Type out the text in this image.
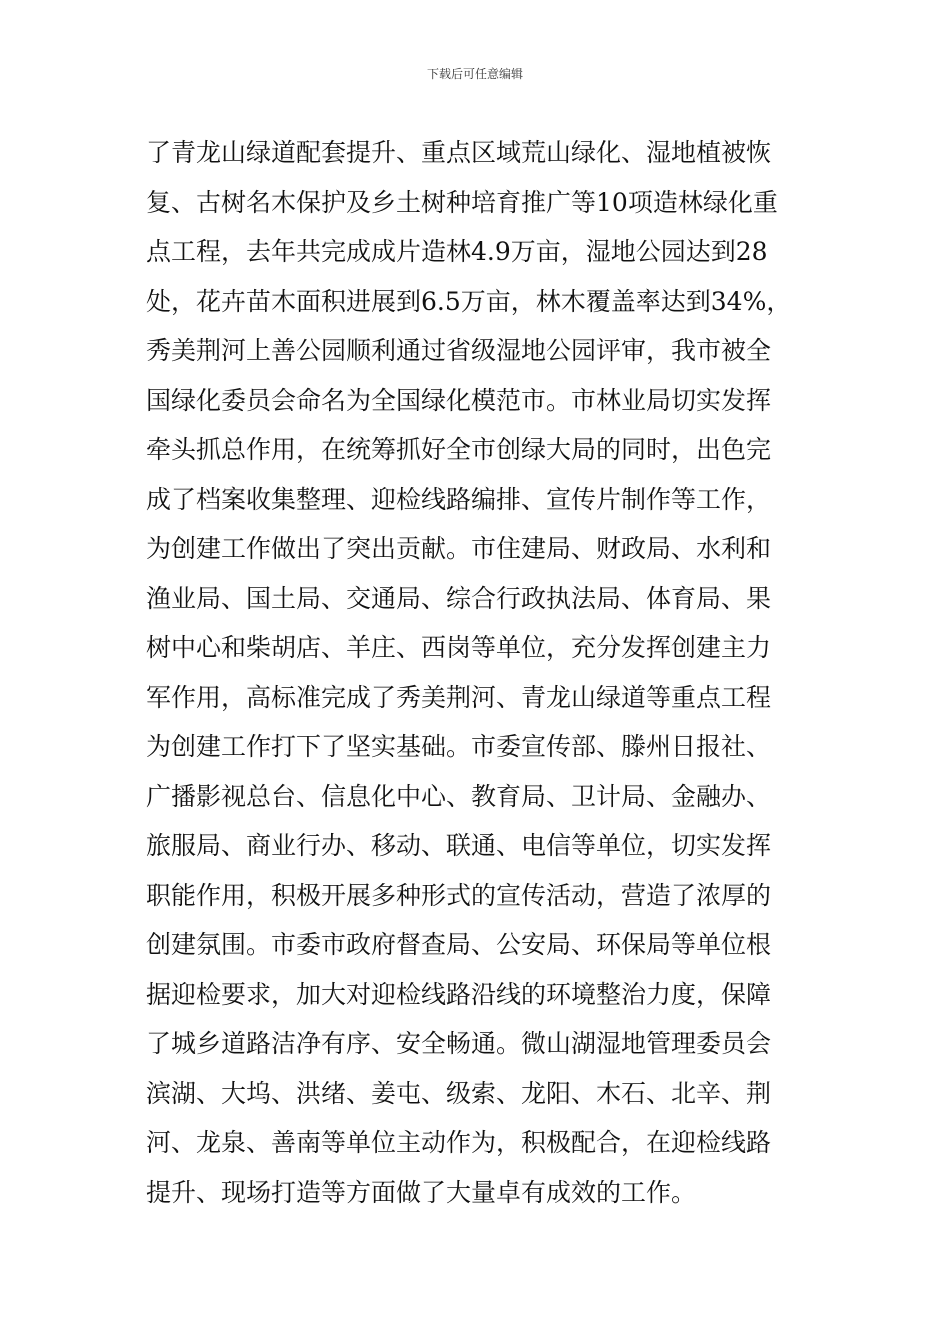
下载后可任意编辑
了青龙山绿道配套提升、重点区域荒山绿化、湿地植被恢
复、古树名木保护及乡土树种培育推广等10项造林绿化重
点工程，去年共完成成片造林4.9万亩，湿地公园达到28
处，花卉苗木面积进展到6.5万亩，林木覆盖率达到34%，
秀美荆河上善公园顺利通过省级湿地公园评审，我市被全
国绿化委员会命名为全国绿化模范市。市林业局切实发挥
牵头抓总作用，在统筹抓好全市创绿大局的同时，出色完
成了档案收集整理、迎检线路编排、宣传片制作等工作，
为创建工作做出了突出贡献。市住建局、财政局、水利和
渔业局、国土局、交通局、综合行政执法局、体育局、果
树中心和柴胡店、羊庄、西岗等单位，充分发挥创建主力
军作用，高标准完成了秀美荆河、青龙山绿道等重点工程
为创建工作打下了坚实基础。市委宣传部、滕州日报社、
广播影视总台、信息化中心、教育局、卫计局、金融办、
旅服局、商业行办、移动、联通、电信等单位，切实发挥
职能作用，积极开展多种形式的宣传活动，营造了浓厚的
创建氛围。市委市政府督查局、公安局、环保局等单位根
据迎检要求，加大对迎检线路沿线的环境整治力度，保障
了城乡道路洁净有序、安全畅通。微山湖湿地管理委员会
滨湖、大坞、洪绪、姜屯、级索、龙阳、木石、北辛、荆
河、龙泉、善南等单位主动作为，积极配合，在迎检线路
提升、现场打造等方面做了大量卓有成效的工作。
